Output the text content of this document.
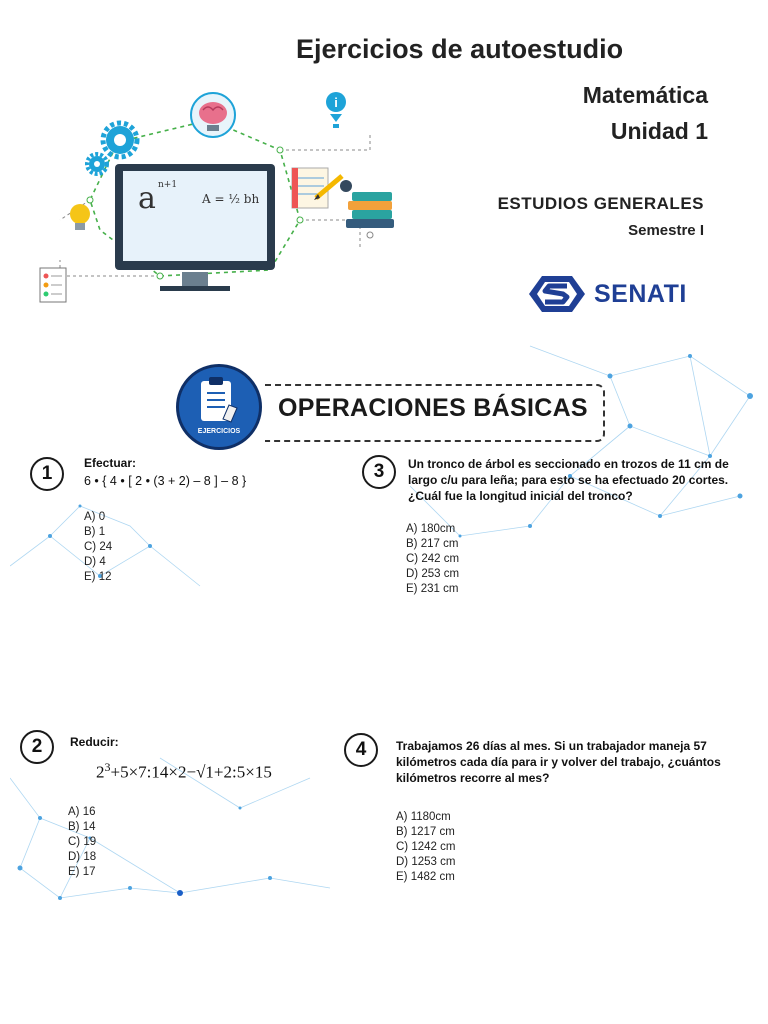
i
a n+1
A = ½ bh
Ejercicios de autoestudio
Matemática
Unidad 1
ESTUDIOS GENERALES
Semestre I
SENATI
OPERACIONES BÁSICAS
EJERCICIOS
1	Efectuar:
6 • { 4 • [ 2 • (3 + 2) – 8 ] – 8 }
A) 0
B) 1
C) 24
D) 4
E) 12
3	Un tronco de árbol es seccionado en trozos de 11 cm de largo c/u para leña; para esto se ha efectuado 20 cortes. ¿Cuál fue la longitud inicial del tronco?
A) 180cm
B) 217 cm
C) 242 cm
D) 253 cm
E) 231 cm
2	Reducir:
$2^3+5\times 7:14\times 2-√1+2:5\times 15$
A) 16
B) 14
C) 19
D) 18
E) 17
4	Trabajamos 26 días al mes. Si un trabajador maneja 57 kilómetros cada día para ir y volver del trabajo, ¿cuántos kilómetros recorre al mes?
A) 1180cm
B) 1217 cm
C) 1242 cm
D) 1253 cm
E) 1482 cm
